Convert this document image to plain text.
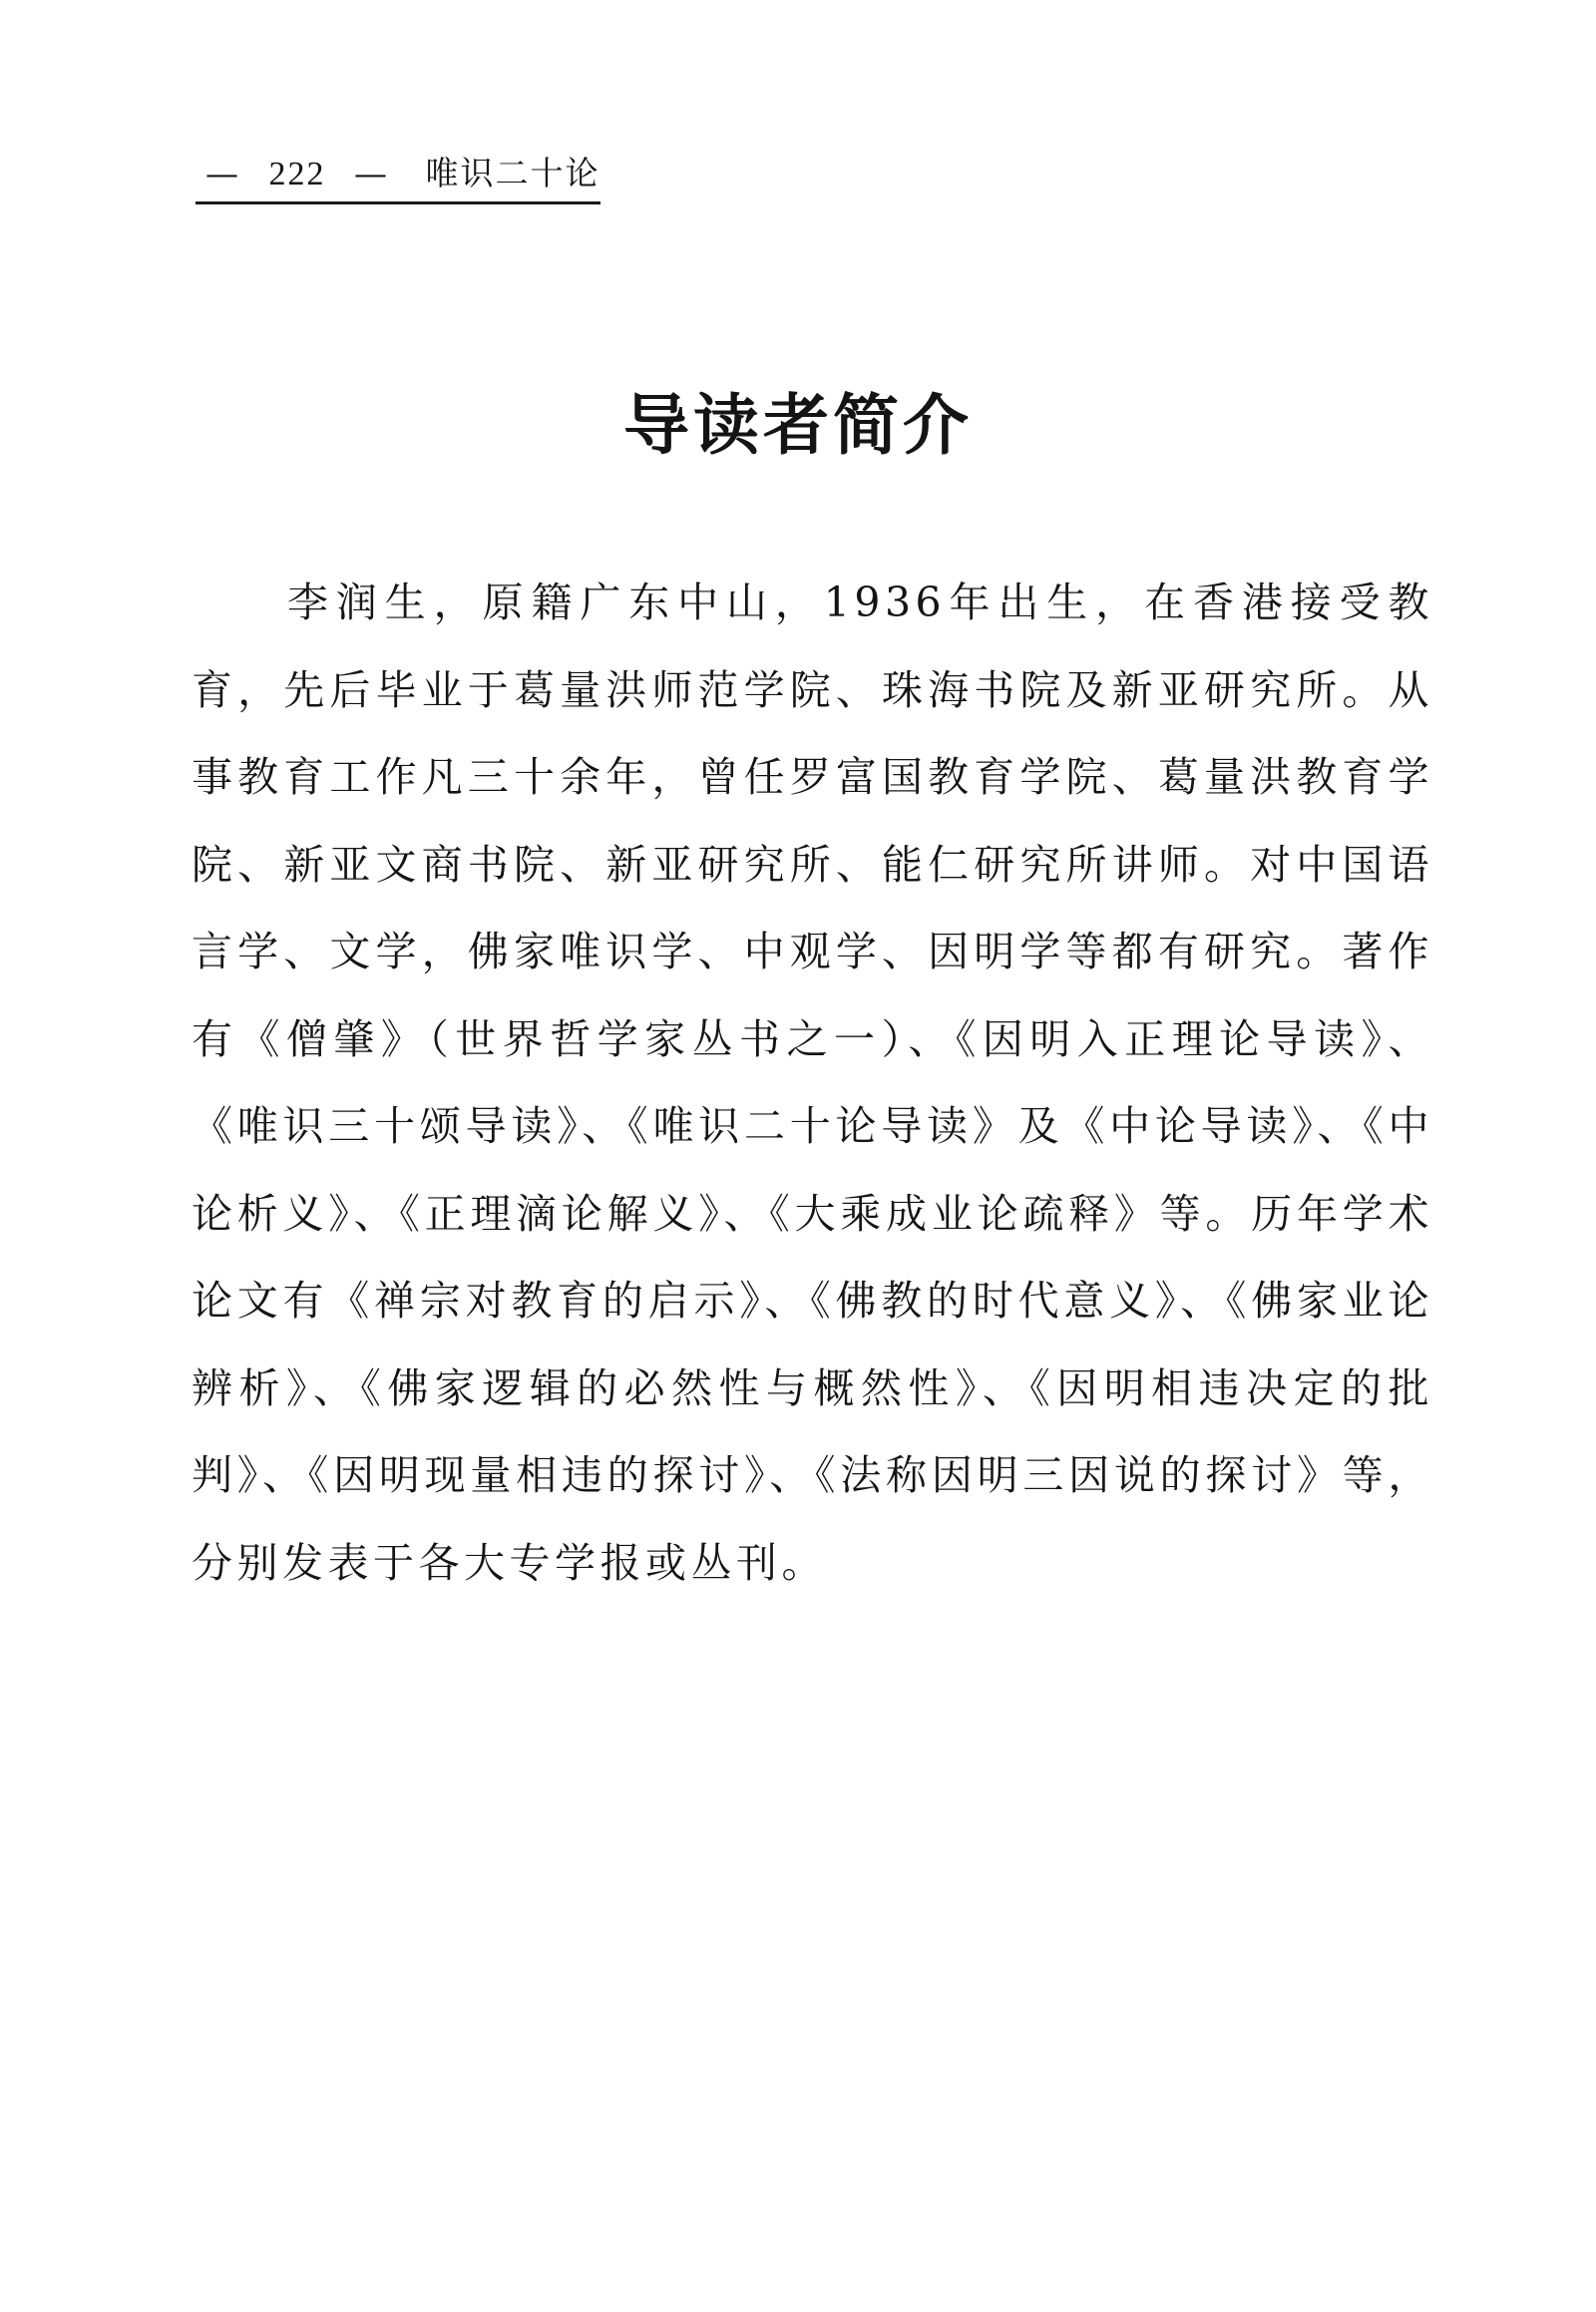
— 222 — 唯识二十论
导读者简介

李润生，原籍广东中山，1936年出生，在香港接受教育，先后毕业于葛量洪师范学院、珠海书院及新亚研究所。从事教育工作凡三十余年，曾任罗富国教育学院、葛量洪教育学院、新亚文商书院、新亚研究所、能仁研究所讲师。对中国语言学、文学，佛家唯识学、中观学、因明学等都有研究。著作有《僧肇》（世界哲学家丛书之一）、《因明入正理论导读》、《唯识三十颂导读》、《唯识二十论导读》及《中论导读》、《中论析义》、《正理滴论解义》、《大乘成业论疏释》等。历年学术论文有《禅宗对教育的启示》、《佛教的时代意义》、《佛家业论辨析》、《佛家逻辑的必然性与概然性》、《因明相违决定的批判》、《因明现量相违的探讨》、《法称因明三因说的探讨》等，分别发表于各大专学报或丛刊。
